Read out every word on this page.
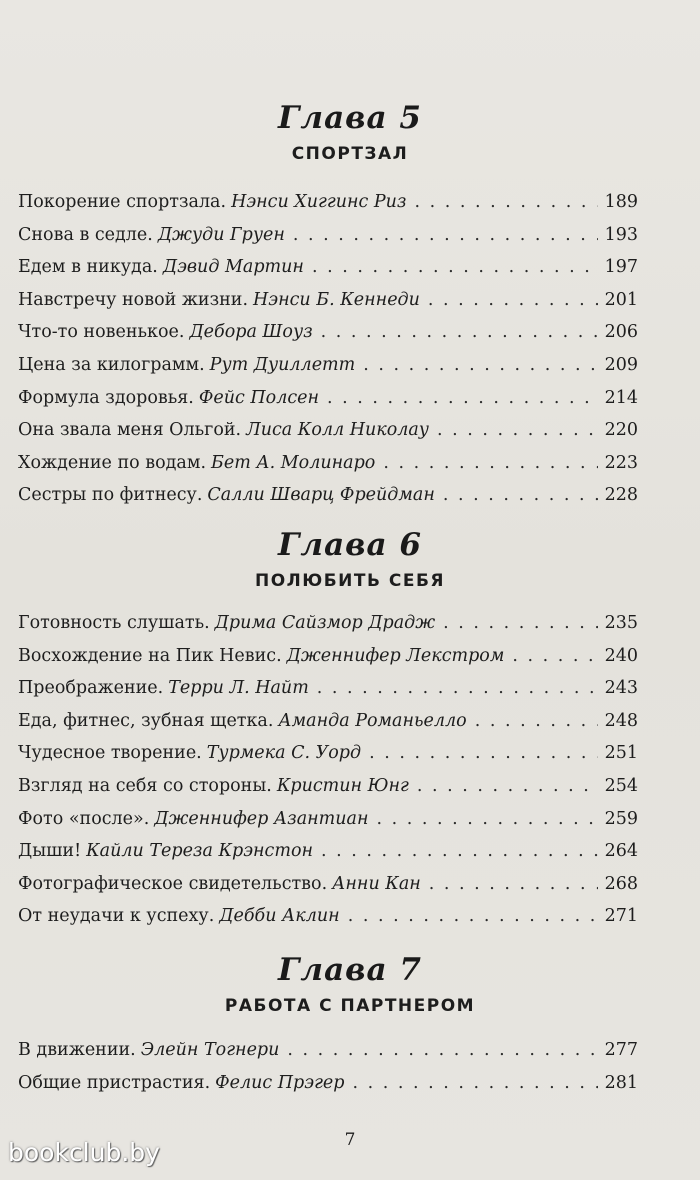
Глава 5
СПОРТЗАЛ
Покорение спортзала. Нэнси Хиггинс Риз . . .	189
Снова в седле. Джуди Груен . . .	193
Едем в никуда. Дэвид Мартин . . .	197
Навстречу новой жизни. Нэнси Б. Кеннеди . . .	201
Что-то новенькое. Дебора Шоуз . . .	206
Цена за килограмм. Рут Дуиллетт . . .	209
Формула здоровья. Фейс Полсен . . .	214
Она звала меня Ольгой. Лиса Колл Николау . . .	220
Хождение по водам. Бет А. Молинаро . . .	223
Сестры по фитнесу. Салли Шварц Фрейдман . . .	228
Глава 6
ПОЛЮБИТЬ СЕБЯ
Готовность слушать. Дрима Сайзмор Драдж . . .	235
Восхождение на Пик Невис. Дженнифер Лекстром . . .	240
Преображение. Терри Л. Найт . . .	243
Еда, фитнес, зубная щетка. Аманда Романьелло . . .	248
Чудесное творение. Турмека С. Уорд . . .	251
Взгляд на себя со стороны. Кристин Юнг . . .	254
Фото «после». Дженнифер Азантиан . . .	259
Дыши! Кайли Тереза Крэнстон . . .	264
Фотографическое свидетельство. Анни Кан . . .	268
От неудачи к успеху. Дебби Аклин . . .	271
Глава 7
РАБОТА С ПАРТНЕРОМ
В движении. Элейн Тогнери . . .	277
Общие пристрастия. Фелис Прэгер . . .	281
7
bookclub.by
